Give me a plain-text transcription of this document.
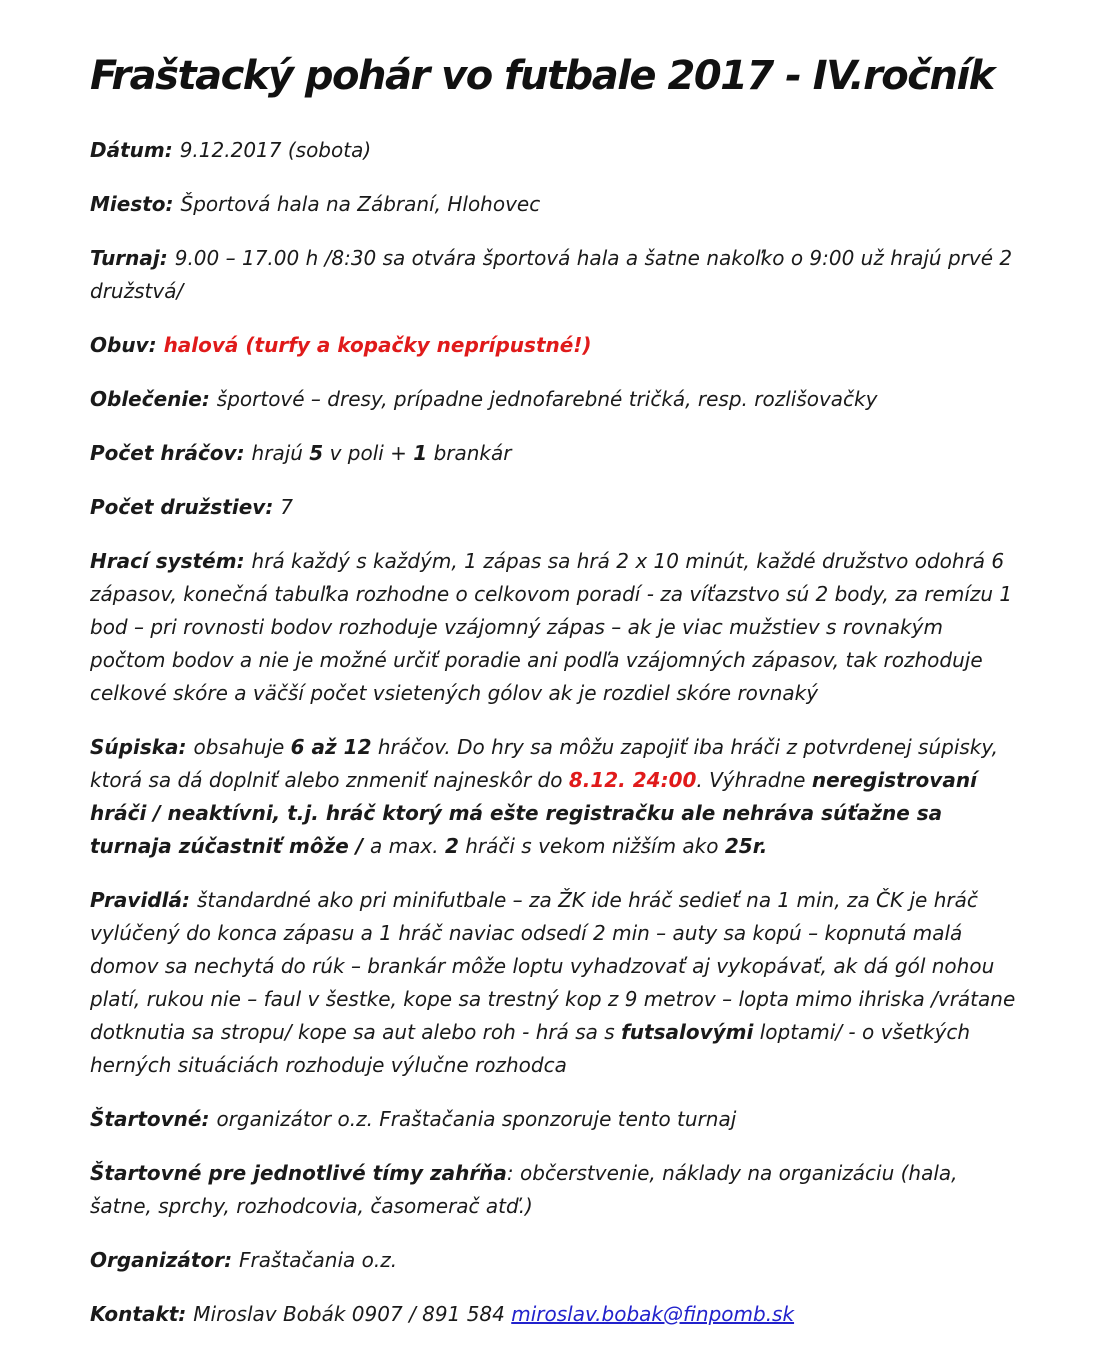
Fraštacký pohár vo futbale 2017 - IV.ročník

Dátum: 9.12.2017 (sobota)

Miesto: Športová hala na Zábraní, Hlohovec

Turnaj: 9.00 – 17.00 h /8:30 sa otvára športová hala a šatne nakoľko o 9:00 už hrajú prvé 2 družstvá/

Obuv: halová (turfy a kopačky neprípustné!)

Oblečenie: športové – dresy, prípadne jednofarebné tričká, resp. rozlišovačky

Počet hráčov: hrajú 5 v poli + 1 brankár

Počet družstiev: 7

Hrací systém: hrá každý s každým, 1 zápas sa hrá 2 x 10 minút, každé družstvo odohrá 6 zápasov, konečná tabuľka rozhodne o celkovom poradí - za víťazstvo sú 2 body, za remízu 1 bod – pri rovnosti bodov rozhoduje vzájomný zápas – ak je viac mužstiev s rovnakým počtom bodov a nie je možné určiť poradie ani podľa vzájomných zápasov, tak rozhoduje celkové skóre a väčší počet vsietených gólov ak je rozdiel skóre rovnaký

Súpiska: obsahuje 6 až 12 hráčov. Do hry sa môžu zapojiť iba hráči z potvrdenej súpisky, ktorá sa dá doplniť alebo znmeniť najneskôr do 8.12. 24:00. Výhradne neregistrovaní hráči / neaktívni, t.j. hráč ktorý má ešte registračku ale nehráva súťažne sa turnaja zúčastniť môže / a max. 2 hráči s vekom nižším ako 25r.

Pravidlá: štandardné ako pri minifutbale – za ŽK ide hráč sedieť na 1 min, za ČK je hráč vylúčený do konca zápasu a 1 hráč naviac odsedí 2 min – auty sa kopú – kopnutá malá domov sa nechytá do rúk – brankár môže loptu vyhadzovať aj vykopávať, ak dá gól nohou platí, rukou nie – faul v šestke, kope sa trestný kop z 9 metrov – lopta mimo ihriska /vrátane dotknutia sa stropu/ kope sa aut alebo roh - hrá sa s futsalovými loptami/ - o všetkých herných situáciách rozhoduje výlučne rozhodca

Štartovné: organizátor o.z. Fraštačania sponzoruje tento turnaj

Štartovné pre jednotlivé tímy zahŕňa: občerstvenie, náklady na organizáciu (hala, šatne, sprchy, rozhodcovia, časomerač atď.)

Organizátor: Fraštačania o.z.

Kontakt: Miroslav Bobák 0907 / 891 584 miroslav.bobak@finpomb.sk
